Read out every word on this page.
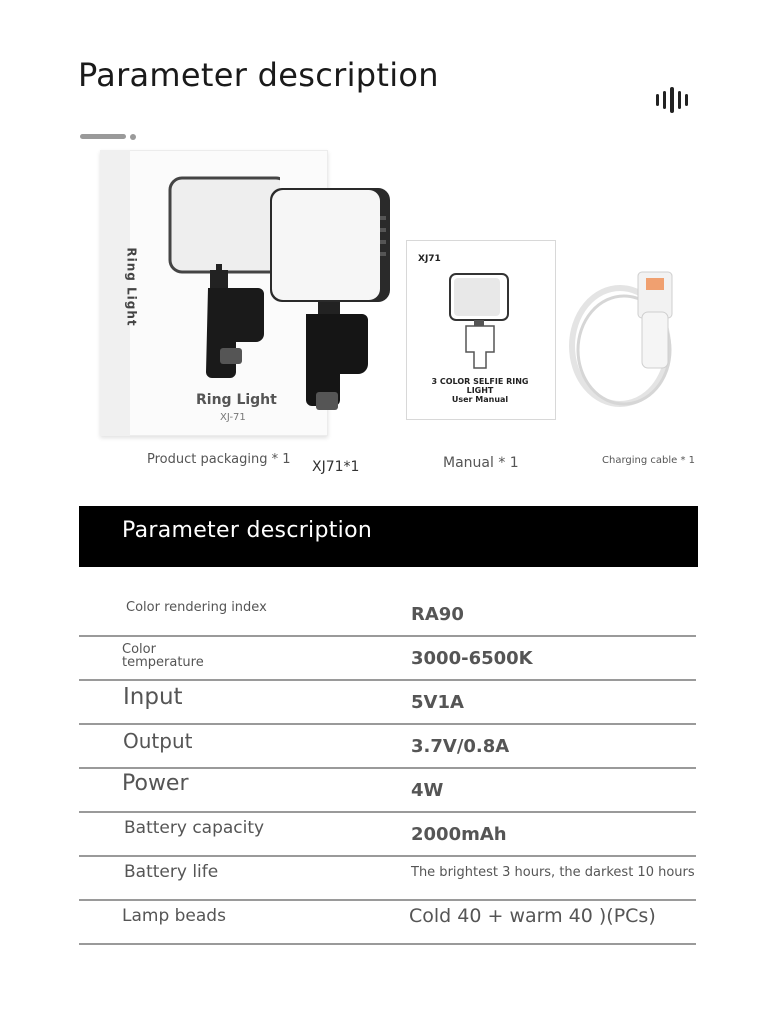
Parameter description
Ring Light
Ring Light
XJ-71
XJ71
3 COLOR SELFIE RING LIGHT
User Manual
Product packaging * 1 XJ71*1	Manual * 1	Charging cable * 1
Parameter description
Color rendering index	RA90
Color temperature	3000-6500K
Input	5V1A
Output	3.7V/0.8A
Power	4W
Battery capacity	2000mAh
Battery life	The brightest 3 hours, the darkest 10 hours
Lamp beads	Cold 40 + warm 40 )(PCs)
